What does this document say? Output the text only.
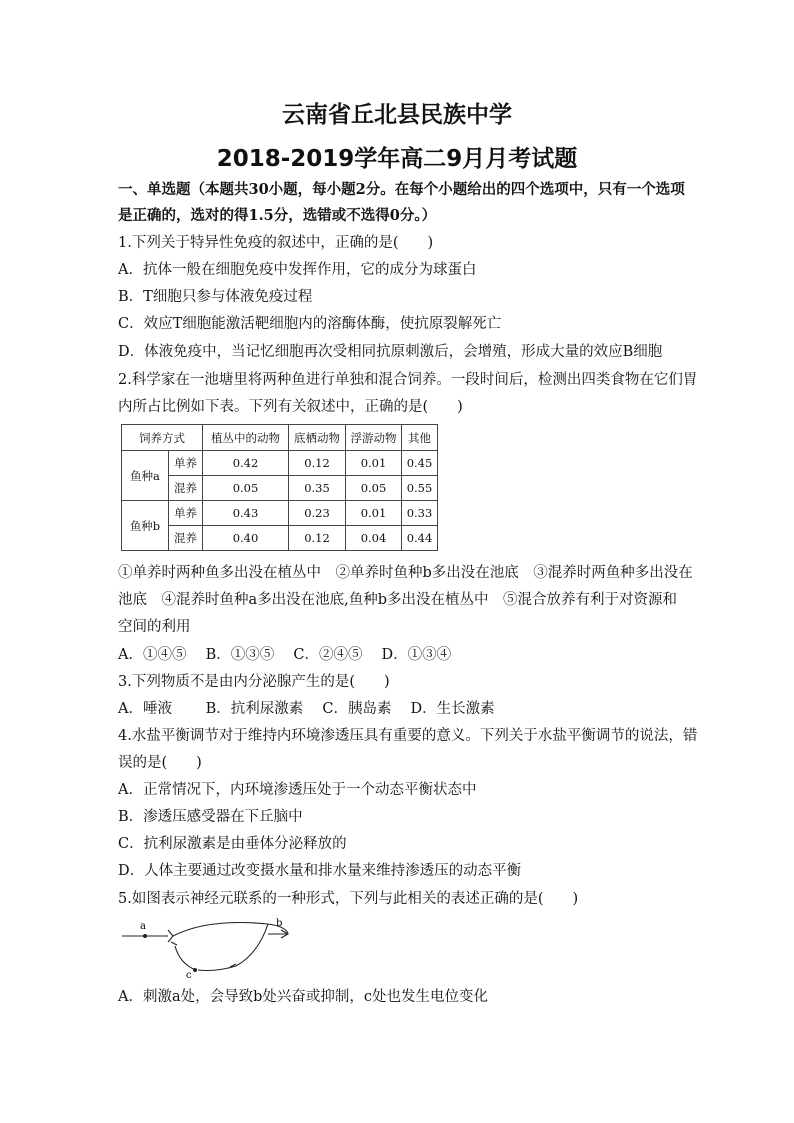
云南省丘北县民族中学
2018-2019学年高二9月月考试题
一、单选题（本题共30小题，每小题2分。在每个小题给出的四个选项中，只有一个选项
是正确的，选对的得1.5分，选错或不选得0分。）
1.下列关于特异性免疫的叙述中，正确的是(　　)
A．抗体一般在细胞免疫中发挥作用，它的成分为球蛋白
B．T细胞只参与体液免疫过程
C．效应T细胞能激活靶细胞内的溶酶体酶，使抗原裂解死亡
D．体液免疫中，当记忆细胞再次受相同抗原刺激后，会增殖，形成大量的效应B细胞
2.科学家在一池塘里将两种鱼进行单独和混合饲养。一段时间后，检测出四类食物在它们胃
内所占比例如下表。下列有关叙述中，正确的是(　　)
饲养方式		植丛中的动物	底栖动物	浮游动物	其他
鱼种a	单养	0.42	0.12	0.01	0.45
	混养	0.05	0.35	0.05	0.55
鱼种b	单养	0.43	0.23	0.01	0.33
	混养	0.40	0.12	0.04	0.44
①单养时两种鱼多出没在植丛中　②单养时鱼种b多出没在池底　③混养时两鱼种多出没在
池底　④混养时鱼种a多出没在池底,鱼种b多出没在植丛中　⑤混合放养有利于对资源和
空间的利用
A．①④⑤　 B．①③⑤　 C．②④⑤　 D．①③④
3.下列物质不是由内分泌腺产生的是(　　)
A．唾液　　 B．抗利尿激素　 C．胰岛素　 D．生长激素
4.水盐平衡调节对于维持内环境渗透压具有重要的意义。下列关于水盐平衡调节的说法，错
误的是(　　)
A．正常情况下，内环境渗透压处于一个动态平衡状态中
B．渗透压感受器在下丘脑中
C．抗利尿激素是由垂体分泌释放的
D．人体主要通过改变摄水量和排水量来维持渗透压的动态平衡
5.如图表示神经元联系的一种形式，下列与此相关的表述正确的是(　　)
a	b
c
A．刺激a处，会导致b处兴奋或抑制，c处也发生电位变化
